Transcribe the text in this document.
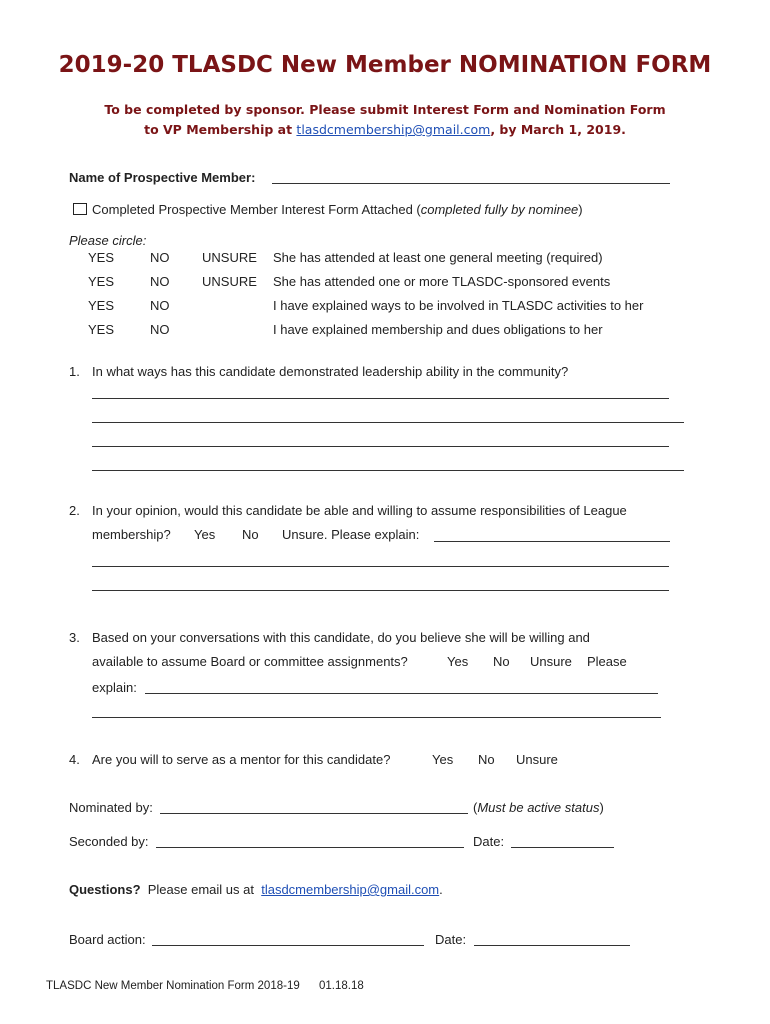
2019-20 TLASDC New Member NOMINATION FORM
To be completed by sponsor. Please submit Interest Form and Nomination Form
to VP Membership at tlasdcmembership@gmail.com, by March 1, 2019.
Name of Prospective Member:
Completed Prospective Member Interest Form Attached (completed fully by nominee)
Please circle:
YES	NO	UNSURE She has attended at least one general meeting (required)
YES	NO	UNSURE She has attended one or more TLASDC-sponsored events
YES	NO	I have explained ways to be involved in TLASDC activities to her
YES	NO	I have explained membership and dues obligations to her
1. In what ways has this candidate demonstrated leadership ability in the community?
2. In your opinion, would this candidate be able and willing to assume responsibilities of League
membership? Yes No Unsure. Please explain:
3. Based on your conversations with this candidate, do you believe she will be willing and
available to assume Board or committee assignments?	Yes No Unsure Please
explain:
4. Are you will to serve as a mentor for this candidate?	Yes No Unsure
Nominated by:	(Must be active status)
Seconded by:	Date:
Questions? Please email us at tlasdcmembership@gmail.com.
Board action:	Date:
TLASDC New Member Nomination Form 2018-19 01.18.18
